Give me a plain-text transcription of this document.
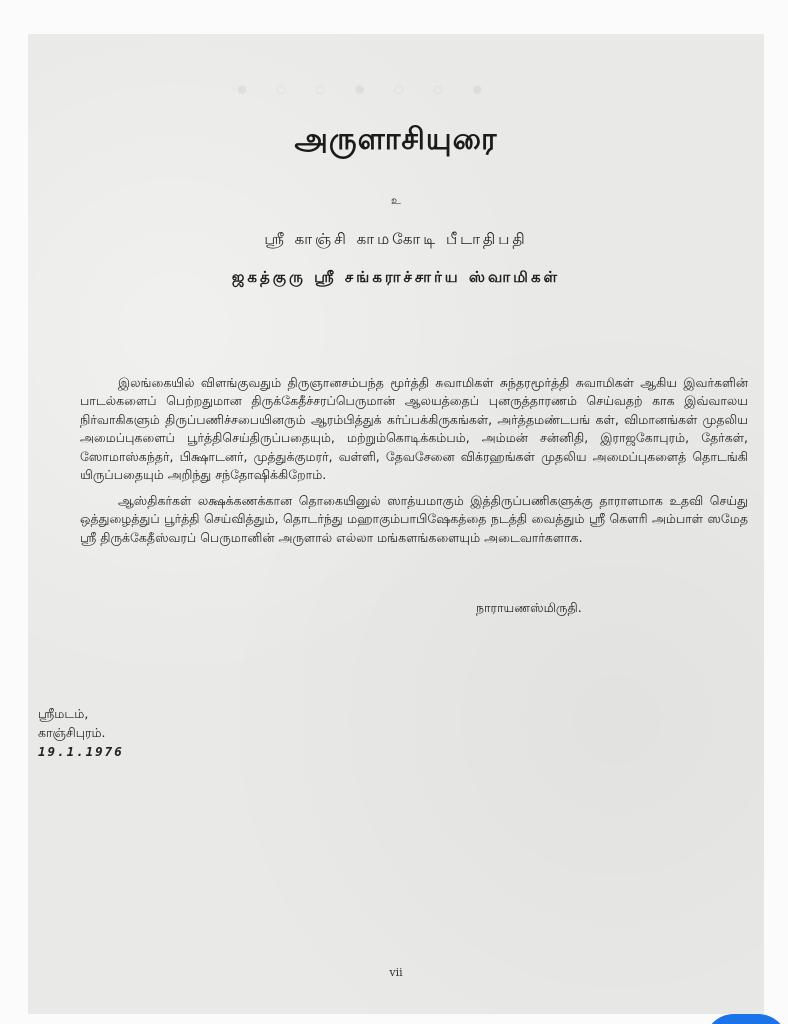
• ◦ ◦ • ◦ ◦ •
அருளாசியுரை
உ
ஸ்ரீ காஞ்சி காமகோடி பீடாதிபதி
ஜகத்குரு ஸ்ரீ சங்கராச்சார்ய ஸ்வாமிகள்

இலங்கையில் விளங்குவதும் திருஞானசம்பந்த மூர்த்தி சுவாமிகள் சுந்தரமூர்த்தி சுவாமிகள் ஆகிய இவர்களின் பாடல்களைப் பெற்றதுமான திருக்கேதீச்சரப்பெருமான் ஆலயத்தைப் புனருத்தாரணம் செய்வதற் காக இவ்வாலய நிர்வாகிகளும் திருப்பணிச்சபையினரும் ஆரம்பித்துக் கர்ப்பக்கிருகங்கள், அர்த்தமண்டபங் கள், விமானங்கள் முதலிய அமைப்புகளைப் பூர்த்திசெய்திருப்பதையும், மற்றும்கொடிக்கம்பம், அம்மன் சன்னிதி, இராஜகோபுரம், தேர்கள், ஸோமாஸ்கந்தர், பிக்ஷாடனர், முத்துக்குமரர், வள்ளி, தேவசேனை விக்ரஹங்கள் முதலிய அமைப்புகளைத் தொடங்கி யிருப்பதையும் அறிந்து சந்தோஷிக்கிறோம்.

ஆஸ்திகர்கள் லக்ஷக்கணக்கான தொகையினுல் ஸாத்யமாகும் இத்திருப்பணிகளுக்கு தாராளமாக உதவி செய்து ஒத்துழைத்துப் பூர்த்தி செய்வித்தும், தொடர்ந்து மஹாகும்பாபிஷேகத்தை நடத்தி வைத்தும் ஸ்ரீ கௌரி அம்பாள் ஸமேத ஸ்ரீ திருக்கேதீஸ்வரப் பெருமானின் அருளால் எல்லா மங்களங்களையும் அடைவார்களாக.

நாராயணஸ்மிருதி.
ஸ்ரீமடம்,
காஞ்சிபுரம்.
19.1.1976
vii
